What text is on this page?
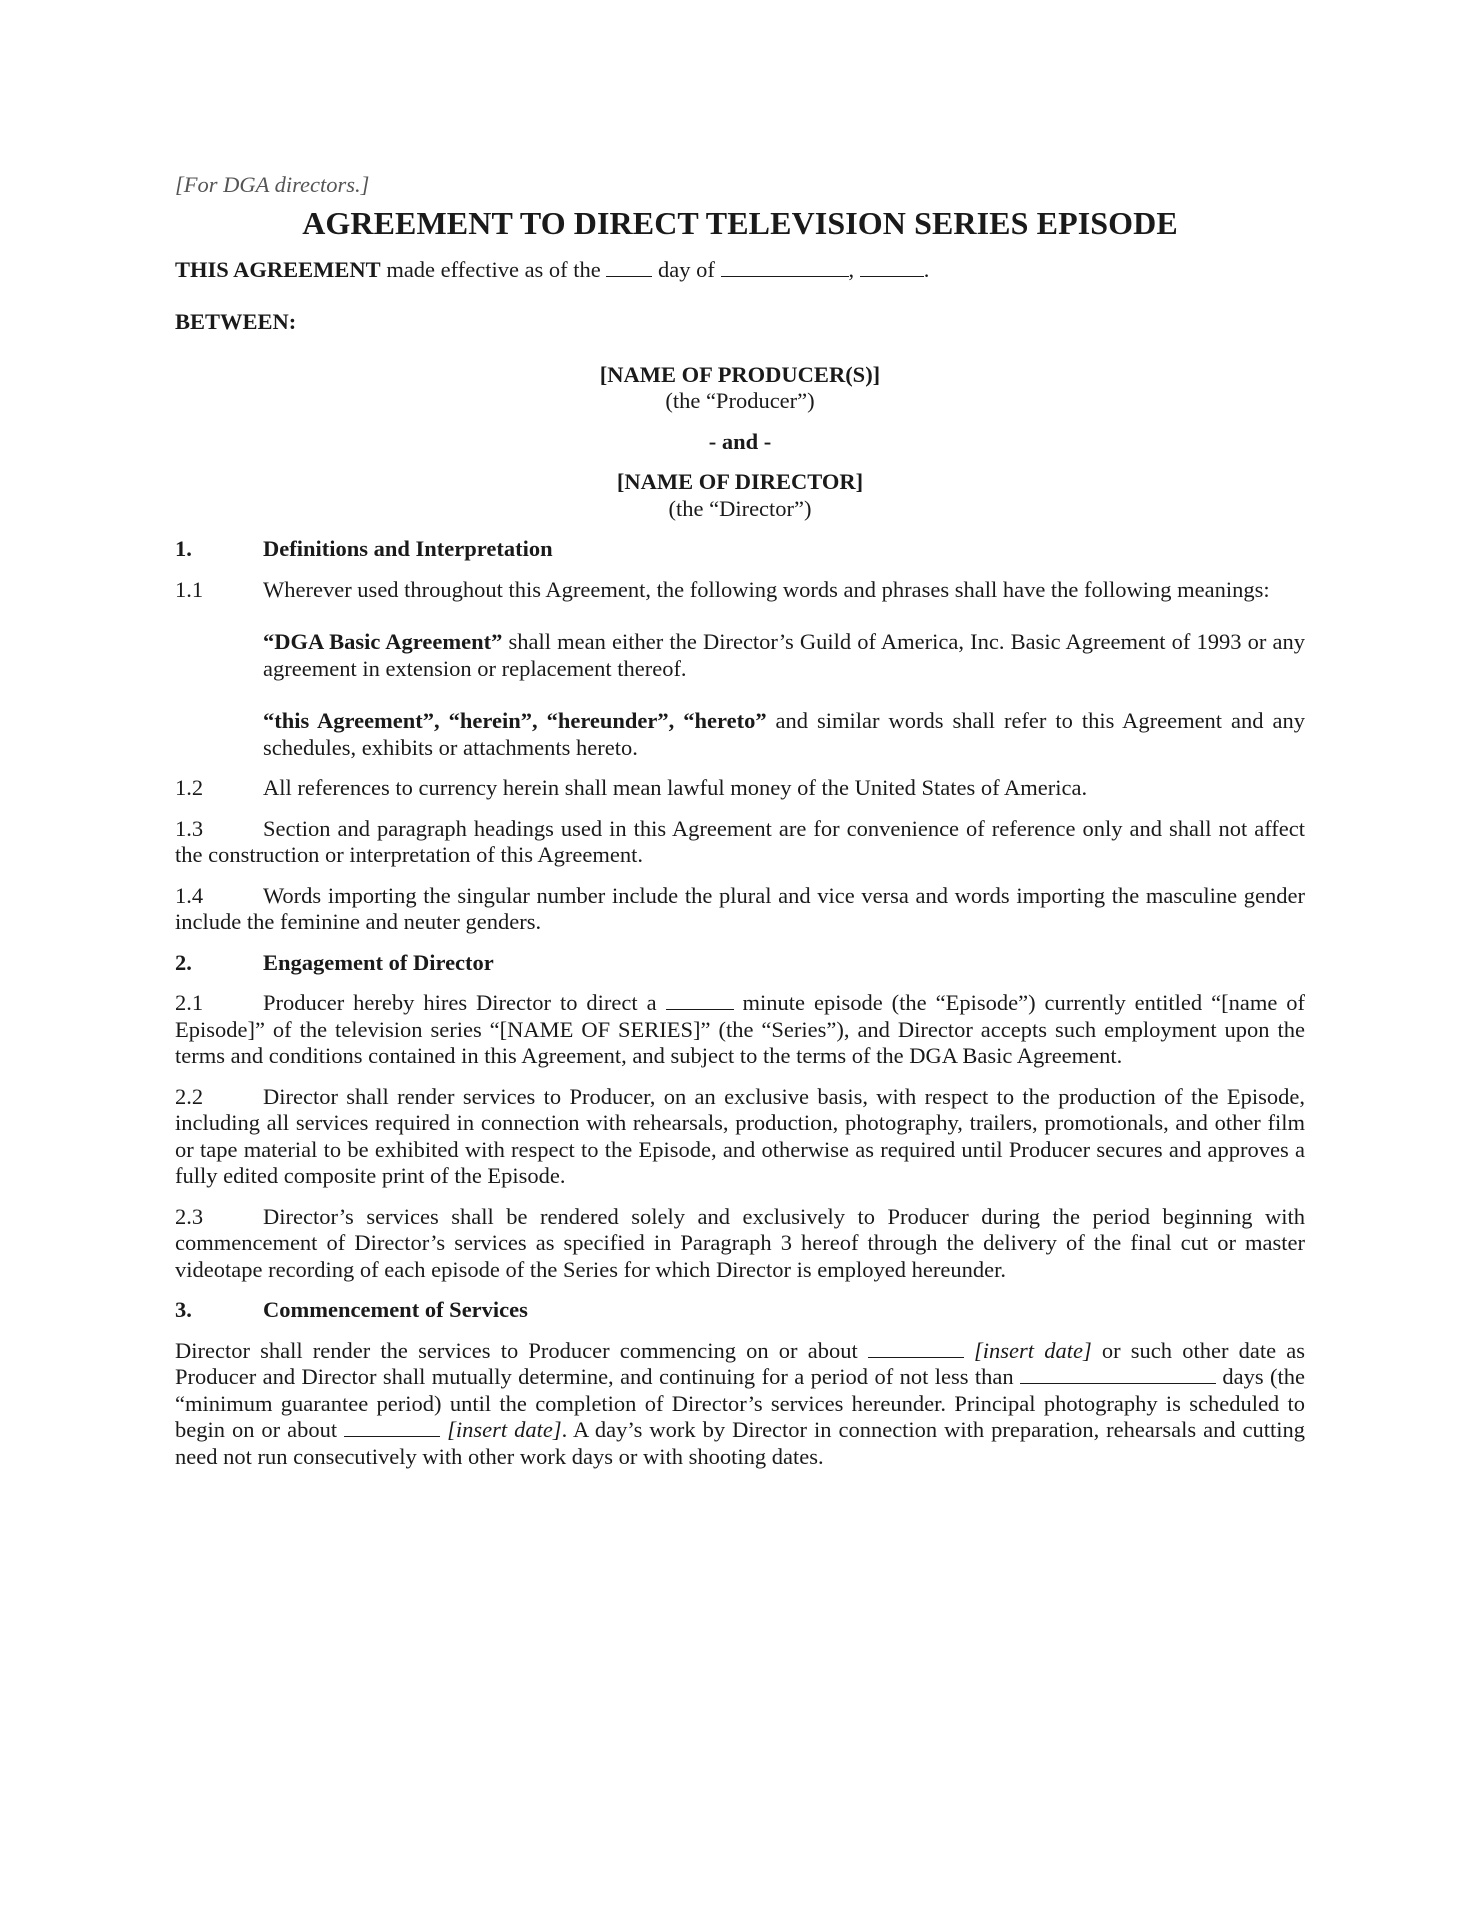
[For DGA directors.]

AGREEMENT TO DIRECT TELEVISION SERIES EPISODE

THIS AGREEMENT made effective as of the	day of	,	.

BETWEEN:

[NAME OF PRODUCER(S)]

(the “Producer”)

- and -

[NAME OF DIRECTOR]

(the “Director”)

1.	Definitions and Interpretation

1.1	Wherever used throughout this Agreement, the following words and phrases shall have the following meanings:

“DGA Basic Agreement” shall mean either the Director’s Guild of America, Inc. Basic Agreement of 1993 or any agreement in extension or replacement thereof.

“this Agreement”, “herein”, “hereunder”, “hereto” and similar words shall refer to this Agreement and any schedules, exhibits or attachments hereto.

1.2	All references to currency herein shall mean lawful money of the United States of America.

1.3	Section and paragraph headings used in this Agreement are for convenience of reference only and shall not affect the construction or interpretation of this Agreement.

1.4	Words importing the singular number include the plural and vice versa and words importing the masculine gender include the feminine and neuter genders.

2.	Engagement of Director

2.1	Producer hereby hires Director to direct a	minute episode (the “Episode”) currently entitled “[name of Episode]” of the television series “[NAME OF SERIES]” (the “Series”), and Director accepts such employment upon the terms and conditions contained in this Agreement, and subject to the terms of the DGA Basic Agreement.

2.2	Director shall render services to Producer, on an exclusive basis, with respect to the production of the Episode, including all services required in connection with rehearsals, production, photography, trailers, promotionals, and other film or tape material to be exhibited with respect to the Episode, and otherwise as required until Producer secures and approves a fully edited composite print of the Episode.

2.3	Director’s services shall be rendered solely and exclusively to Producer during the period beginning with commencement of Director’s services as specified in Paragraph 3 hereof through the delivery of the final cut or master videotape recording of each episode of the Series for which Director is employed hereunder.

3.	Commencement of Services

Director shall render the services to Producer commencing on or about	[insert date] or such other date as Producer and Director shall mutually determine, and continuing for a period of not less than	days (the “minimum guarantee period) until the completion of Director’s services hereunder. Principal photography is scheduled to begin on or about	[insert date]. A day’s work by Director in connection with preparation, rehearsals and cutting need not run consecutively with other work days or with shooting dates.
